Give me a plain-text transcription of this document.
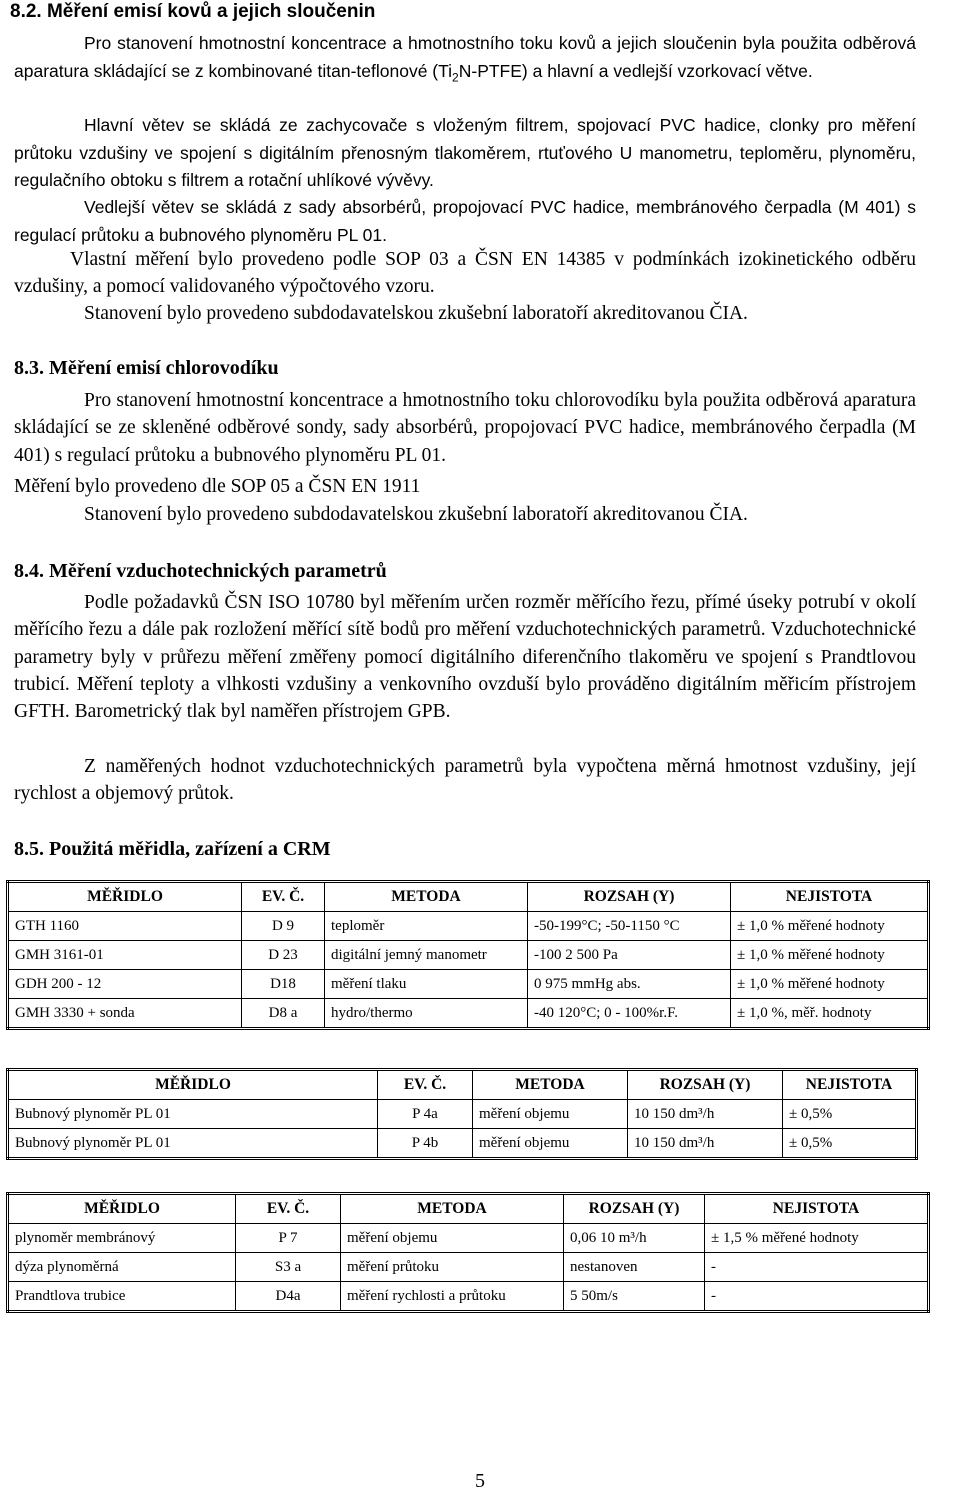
8.2. Měření emisí kovů a jejich sloučenin

Pro stanovení hmotnostní koncentrace a hmotnostního toku kovů a jejich sloučenin byla použita odběrová aparatura skládající se z kombinované titan-teflonové $(Ti_2N-PTFE)$ a hlavní a vedlejší vzorkovací větve.

Hlavní větev se skládá ze zachycovače s vloženým filtrem, spojovací PVC hadice, clonky pro měření průtoku vzdušiny ve spojení s digitálním přenosným tlakoměrem, rtuťového U manometru, teploměru, plynoměru, regulačního obtoku s filtrem a rotační uhlíkové vývěvy.

Vedlejší větev se skládá z sady absorbérů, propojovací PVC hadice, membránového čerpadla (M 401) s regulací průtoku a bubnového plynoměru PL 01.

Vlastní měření bylo provedeno podle SOP 03 a ČSN EN 14385 v podmínkách izokinetického odběru vzdušiny, a pomocí validovaného výpočtového vzoru.

Stanovení bylo provedeno subdodavatelskou zkušební laboratoří akreditovanou ČIA.

8.3. Měření emisí chlorovodíku

Pro stanovení hmotnostní koncentrace a hmotnostního toku chlorovodíku byla použita odběrová aparatura skládající se ze skleněné odběrové sondy, sady absorbérů, propojovací PVC hadice, membránového čerpadla (M 401) s regulací průtoku a bubnového plynoměru PL 01.

Měření bylo provedeno dle SOP 05 a ČSN EN 1911

Stanovení bylo provedeno subdodavatelskou zkušební laboratoří akreditovanou ČIA.

8.4. Měření vzduchotechnických parametrů

Podle požadavků ČSN ISO 10780 byl měřením určen rozměr měřícího řezu, přímé úseky potrubí v okolí měřícího řezu a dále pak rozložení měřící sítě bodů pro měření vzduchotechnických parametrů. Vzduchotechnické parametry byly v průřezu měření změřeny pomocí digitálního diferenčního tlakoměru ve spojení s Prandtlovou trubicí. Měření teploty a vlhkosti vzdušiny a venkovního ovzduší bylo prováděno digitálním měřicím přístrojem GFTH. Barometrický tlak byl naměřen přístrojem GPB.

Z naměřených hodnot vzduchotechnických parametrů byla vypočtena měrná hmotnost vzdušiny, její rychlost a objemový průtok.

8.5. Použitá měřidla, zařízení a CRM
MĚŘIDLO	EV. Č.	METODA	ROZSAH (Y)	NEJISTOTA
GTH 1160	D 9	teploměr	-50-199°C; -50-1150 °C	± 1,0 % měřené hodnoty
GMH 3161-01	D 23	digitální jemný manometr	-100 2 500 Pa	± 1,0 % měřené hodnoty
GDH 200 - 12	D18	měření tlaku	0 975 mmHg abs.	± 1,0 % měřené hodnoty
GMH 3330 + sonda	D8 a	hydro/thermo	-40 120°C; 0 - 100%r.F.	± 1,0 %, měř. hodnoty
MĚŘIDLO	EV. Č.	METODA	ROZSAH (Y)	NEJISTOTA
Bubnový plynoměr PL 01	P 4a	měření objemu	10 150 dm³/h	± 0,5%
Bubnový plynoměr PL 01	P 4b	měření objemu	10 150 dm³/h	± 0,5%
MĚŘIDLO	EV. Č.	METODA	ROZSAH (Y)	NEJISTOTA
plynoměr membránový	P 7	měření objemu	0,06 10 m³/h	± 1,5 % měřené hodnoty
dýza plynoměrná	S3 a	měření průtoku	nestanoven	-
Prandtlova trubice	D4a	měření rychlosti a průtoku	5 50m/s	-
5
